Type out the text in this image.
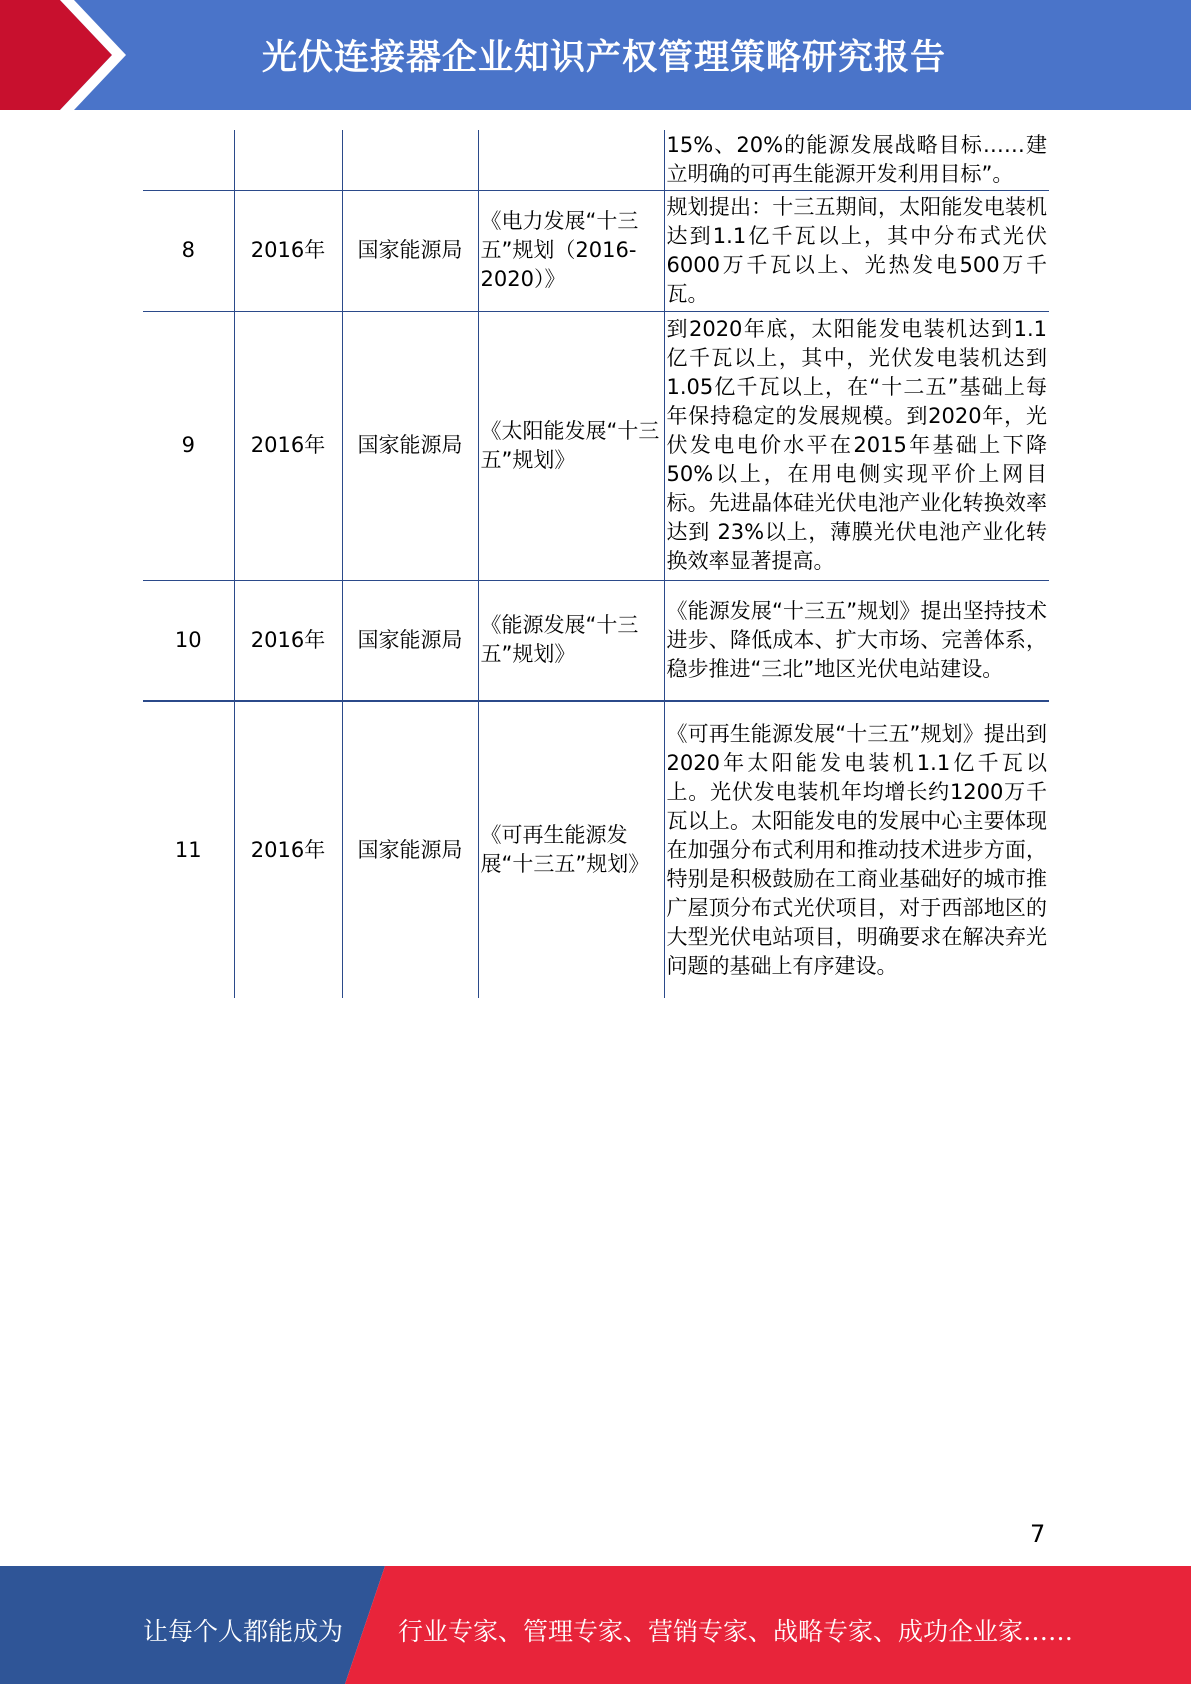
光伏连接器企业知识产权管理策略研究报告
				15%、20%的能源发展战略目标……建立明确的可再生能源开发利用目标”。
8	2016年	国家能源局	《电力发展“十三五”规划（2016-2020）》	规划提出：十三五期间，太阳能发电装机达到1.1亿千瓦以上，其中分布式光伏6000万千瓦以上、光热发电500万千瓦。
9	2016年	国家能源局	《太阳能发展“十三五”规划》	到2020年底，太阳能发电装机达到1.1亿千瓦以上，其中，光伏发电装机达到1.05亿千瓦以上，在“十二五”基础上每年保持稳定的发展规模。到2020年，光伏发电电价水平在2015年基础上下降 50%以上，在用电侧实现平价上网目标。先进晶体硅光伏电池产业化转换效率达到 23%以上，薄膜光伏电池产业化转换效率显著提高。
10	2016年	国家能源局	《能源发展“十三五”规划》	《能源发展“十三五”规划》提出坚持技术进步、降低成本、扩大市场、完善体系，稳步推进“三北”地区光伏电站建设。
11	2016年	国家能源局	《可再生能源发展“十三五”规划》	《可再生能源发展“十三五”规划》提出到2020年太阳能发电装机1.1亿千瓦以上。光伏发电装机年均增长约1200万千瓦以上。太阳能发电的发展中心主要体现在加强分布式利用和推动技术进步方面，特别是积极鼓励在工商业基础好的城市推广屋顶分布式光伏项目，对于西部地区的大型光伏电站项目，明确要求在解决弃光问题的基础上有序建设。
7
让每个人都能成为 行业专家、管理专家、营销专家、战略专家、成功企业家……
